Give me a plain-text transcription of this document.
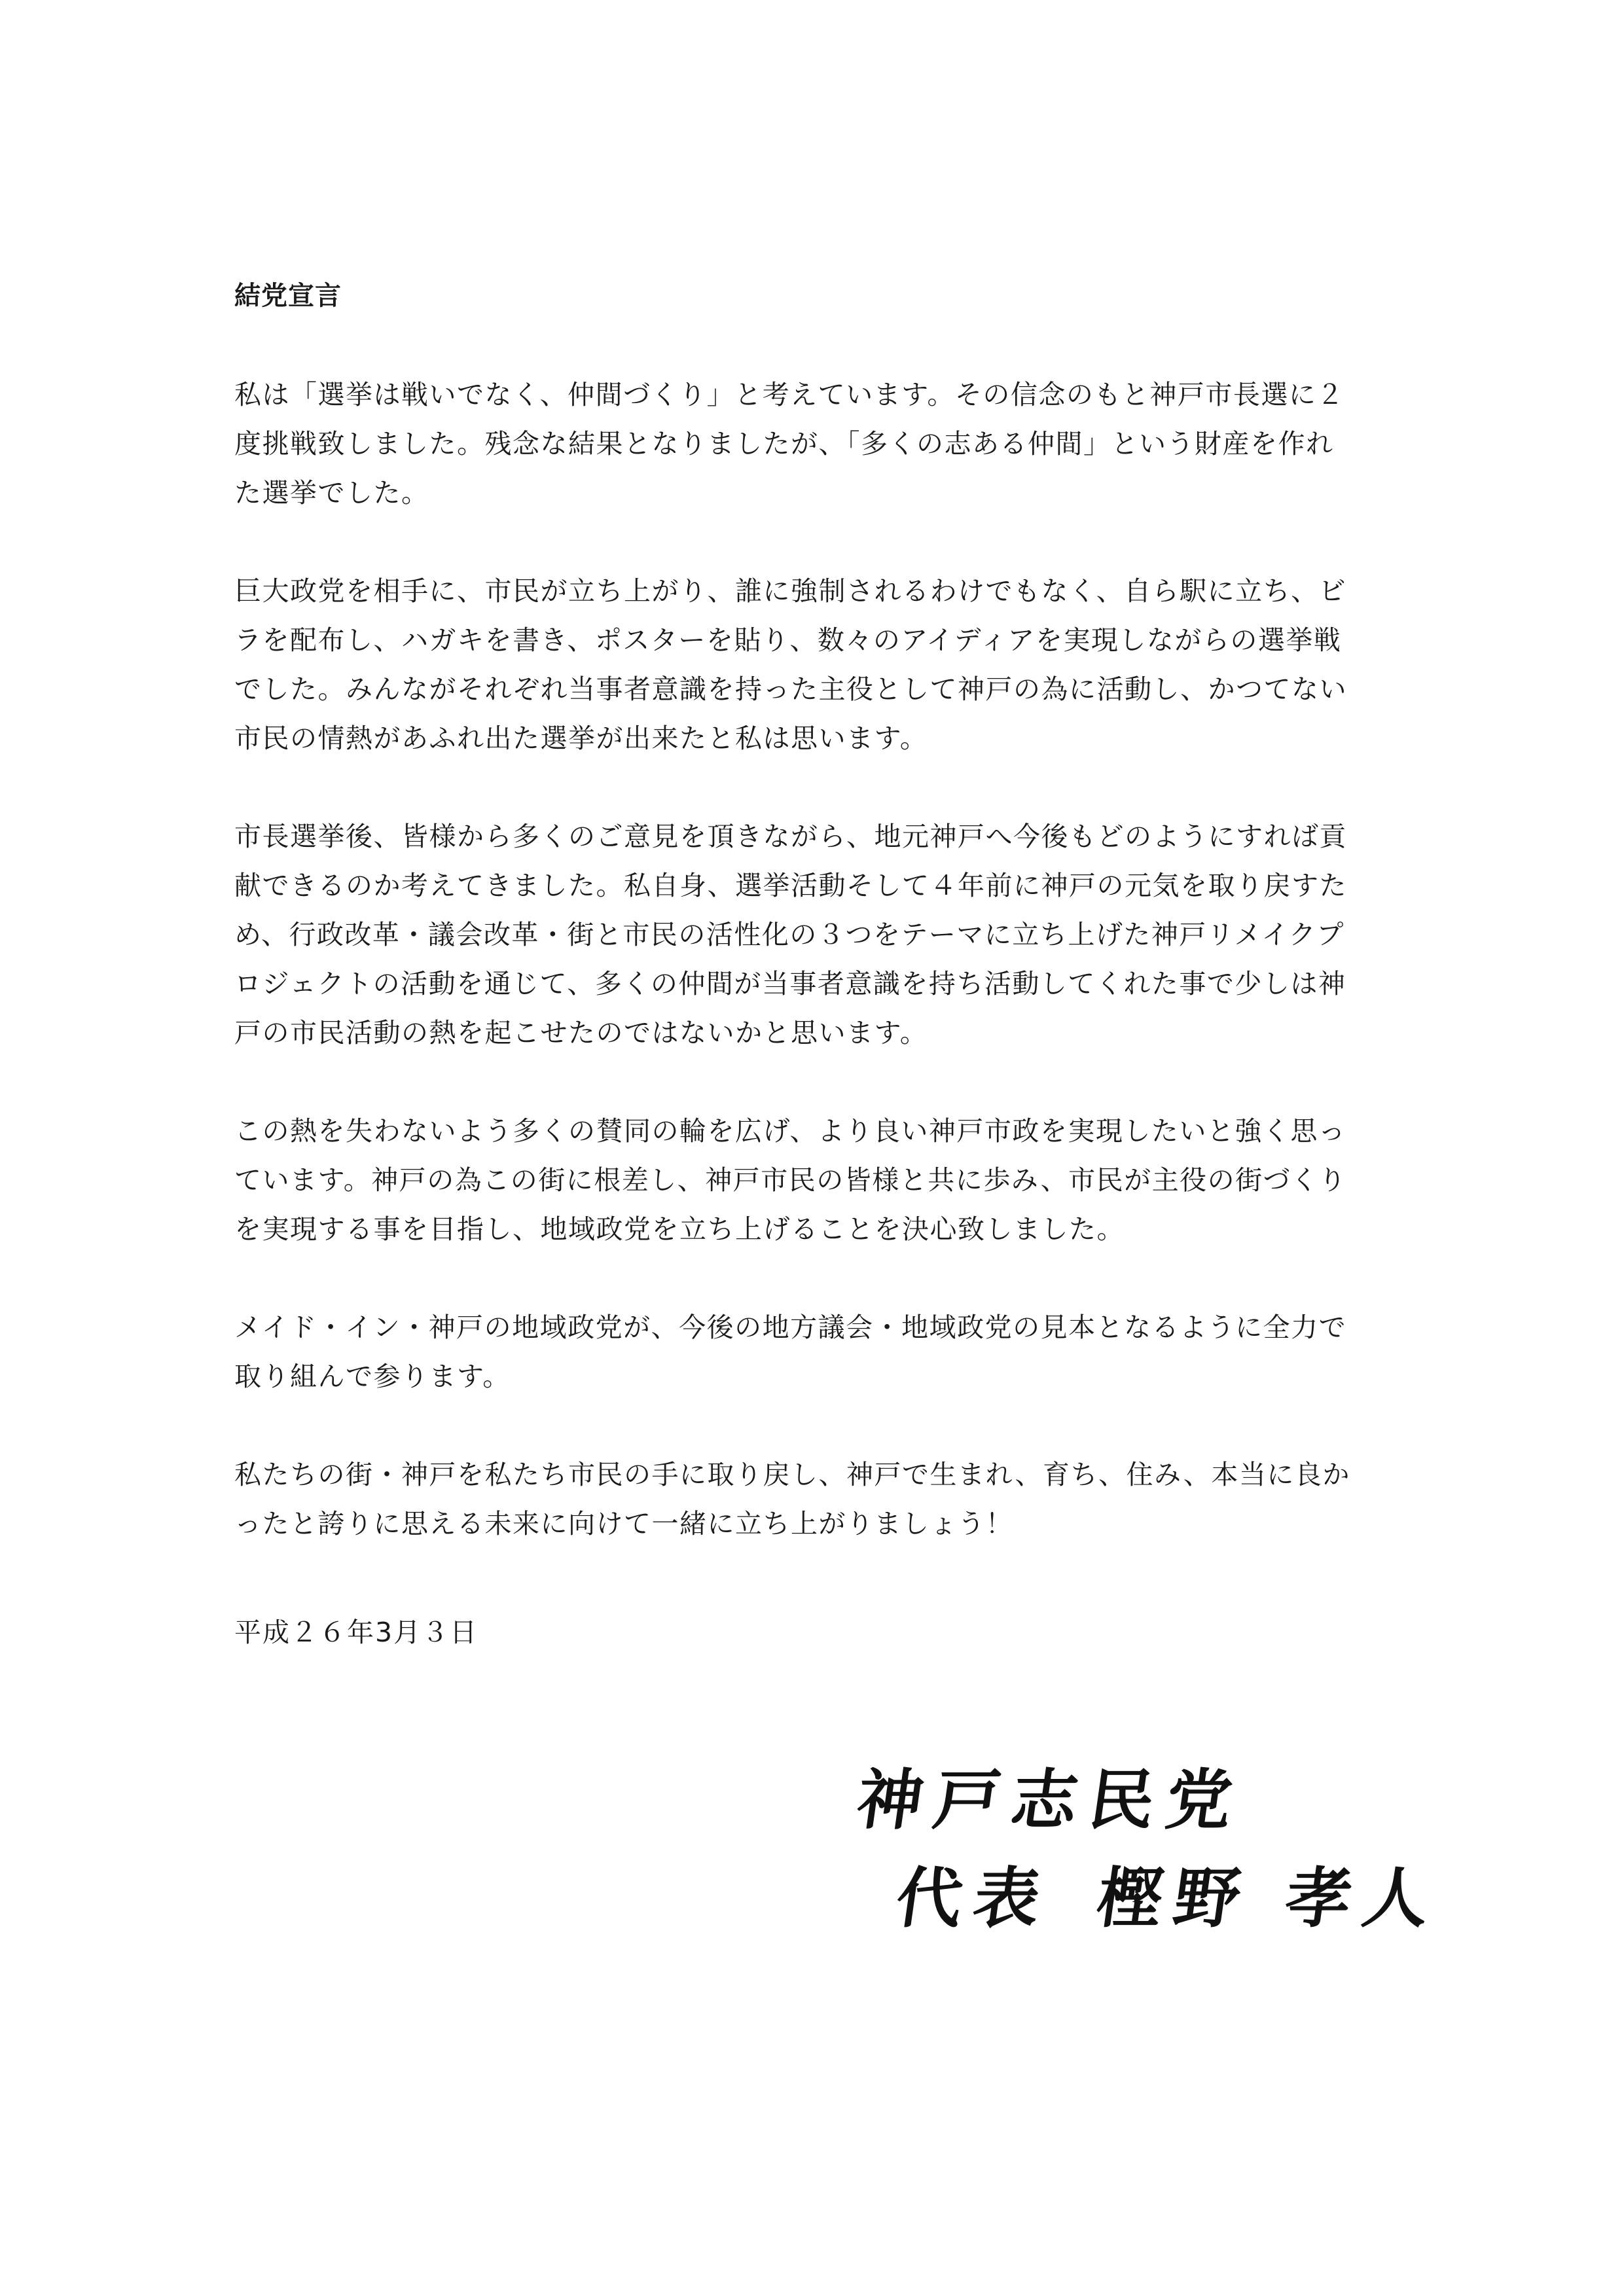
結党宣言

私は「選挙は戦いでなく、仲間づくり」と考えています。その信念のもと神戸市長選に２
度挑戦致しました。残念な結果となりましたが、「多くの志ある仲間」という財産を作れ
た選挙でした。

巨大政党を相手に、市民が立ち上がり、誰に強制されるわけでもなく、自ら駅に立ち、ビ
ラを配布し、ハガキを書き、ポスターを貼り、数々のアイディアを実現しながらの選挙戦
でした。みんながそれぞれ当事者意識を持った主役として神戸の為に活動し、かつてない
市民の情熱があふれ出た選挙が出来たと私は思います。

市長選挙後、皆様から多くのご意見を頂きながら、地元神戸へ今後もどのようにすれば貢
献できるのか考えてきました。私自身、選挙活動そして４年前に神戸の元気を取り戻すた
め、行政改革・議会改革・街と市民の活性化の３つをテーマに立ち上げた神戸リメイクプ
ロジェクトの活動を通じて、多くの仲間が当事者意識を持ち活動してくれた事で少しは神
戸の市民活動の熱を起こせたのではないかと思います。

この熱を失わないよう多くの賛同の輪を広げ、より良い神戸市政を実現したいと強く思っ
ています。神戸の為この街に根差し、神戸市民の皆様と共に歩み、市民が主役の街づくり
を実現する事を目指し、地域政党を立ち上げることを決心致しました。

メイド・イン・神戸の地域政党が、今後の地方議会・地域政党の見本となるように全力で
取り組んで参ります。

私たちの街・神戸を私たち市民の手に取り戻し、神戸で生まれ、育ち、住み、本当に良か
ったと誇りに思える未来に向けて一緒に立ち上がりましょう！

平成２６年3月３日

神戸志民党
代表 樫野 孝人
